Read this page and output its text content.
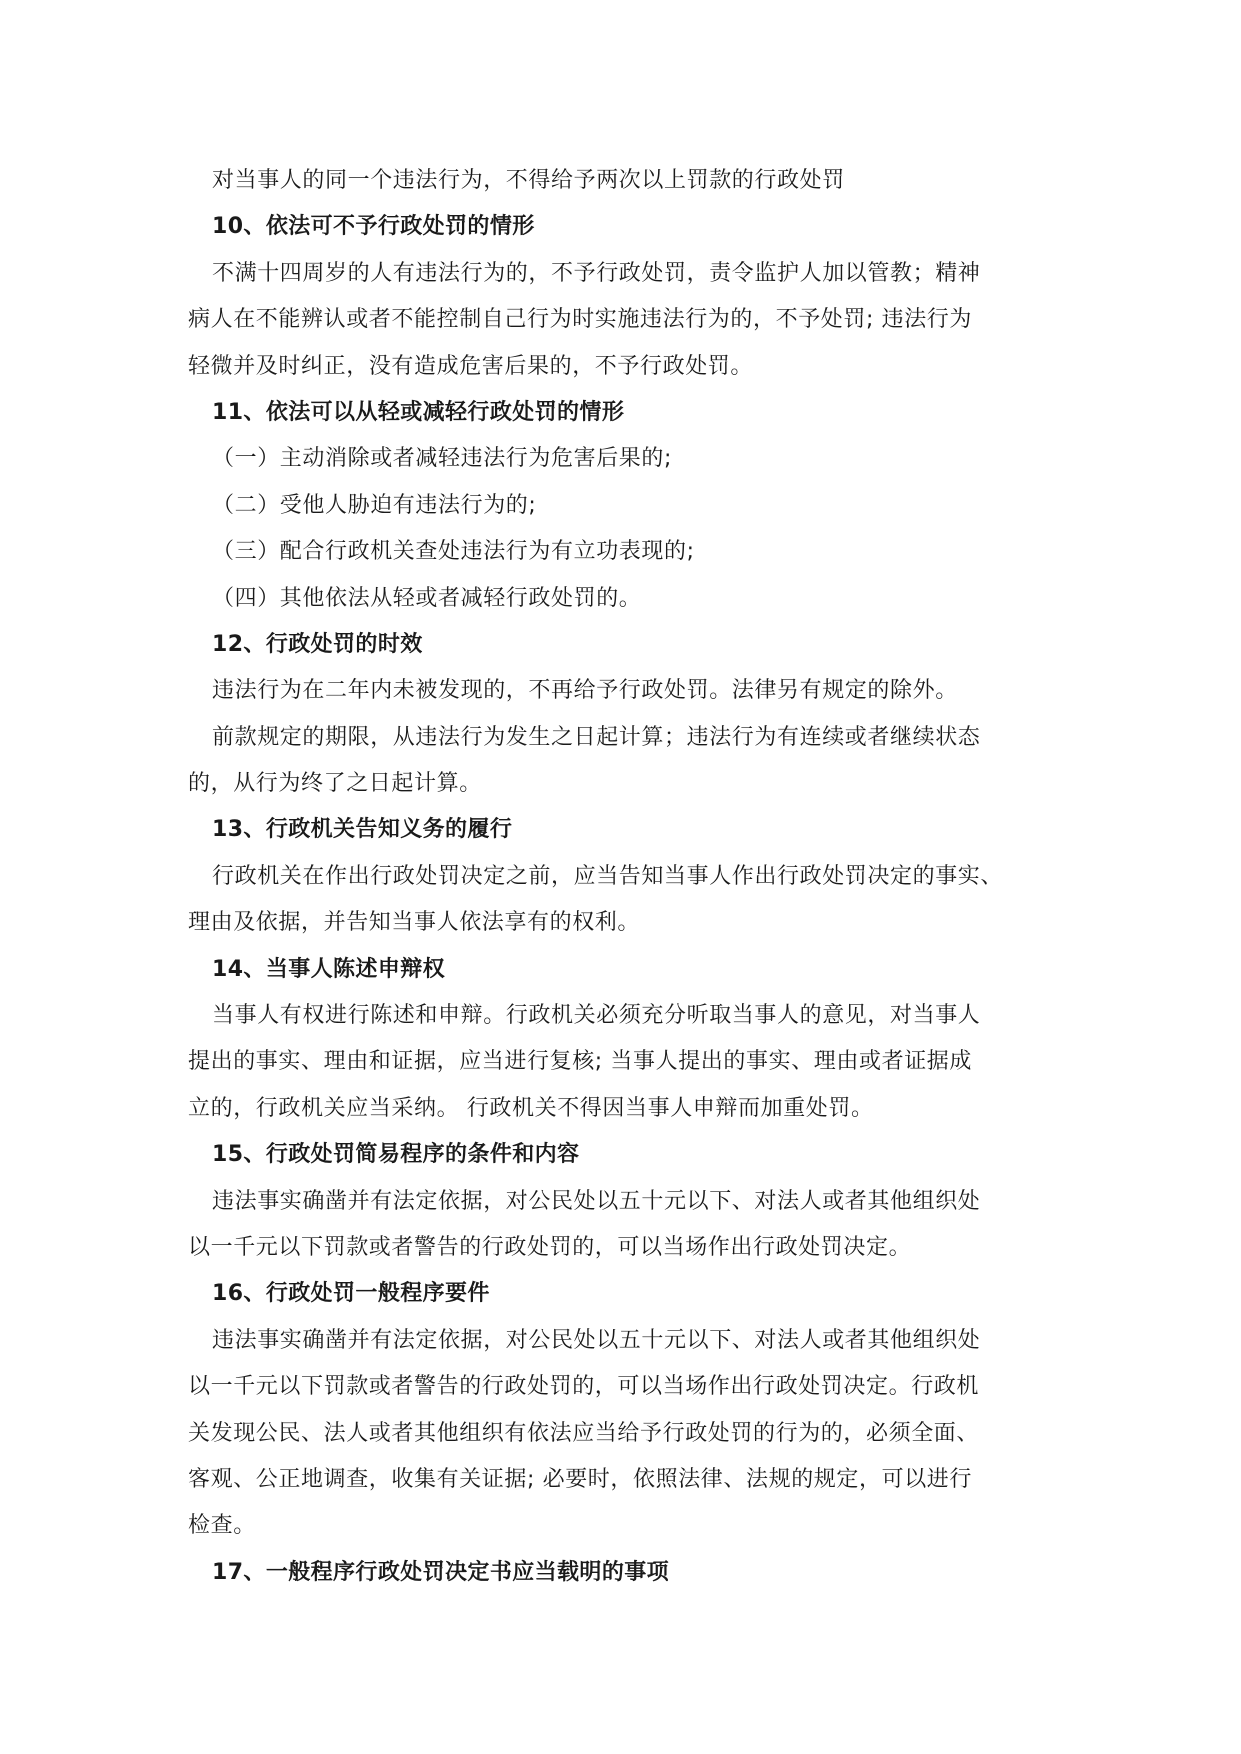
对当事人的同一个违法行为，不得给予两次以上罚款的行政处罚
10、依法可不予行政处罚的情形
不满十四周岁的人有违法行为的，不予行政处罚，责令监护人加以管教；精神
病人在不能辨认或者不能控制自己行为时实施违法行为的，不予处罚; 违法行为
轻微并及时纠正，没有造成危害后果的，不予行政处罚。
11、依法可以从轻或减轻行政处罚的情形
（一）主动消除或者减轻违法行为危害后果的;
（二）受他人胁迫有违法行为的;
（三）配合行政机关查处违法行为有立功表现的;
（四）其他依法从轻或者减轻行政处罚的。
12、行政处罚的时效
违法行为在二年内未被发现的，不再给予行政处罚。法律另有规定的除外。
前款规定的期限，从违法行为发生之日起计算；违法行为有连续或者继续状态
的，从行为终了之日起计算。
13、行政机关告知义务的履行
行政机关在作出行政处罚决定之前，应当告知当事人作出行政处罚决定的事实、
理由及依据，并告知当事人依法享有的权利。
14、当事人陈述申辩权
当事人有权进行陈述和申辩。行政机关必须充分听取当事人的意见，对当事人
提出的事实、理由和证据，应当进行复核; 当事人提出的事实、理由或者证据成
立的，行政机关应当采纳。 行政机关不得因当事人申辩而加重处罚。
15、行政处罚简易程序的条件和内容
违法事实确凿并有法定依据，对公民处以五十元以下、对法人或者其他组织处
以一千元以下罚款或者警告的行政处罚的，可以当场作出行政处罚决定。
16、行政处罚一般程序要件
违法事实确凿并有法定依据，对公民处以五十元以下、对法人或者其他组织处
以一千元以下罚款或者警告的行政处罚的，可以当场作出行政处罚决定。行政机
关发现公民、法人或者其他组织有依法应当给予行政处罚的行为的，必须全面、
客观、公正地调查，收集有关证据; 必要时，依照法律、法规的规定，可以进行
检查。
17、一般程序行政处罚决定书应当载明的事项
